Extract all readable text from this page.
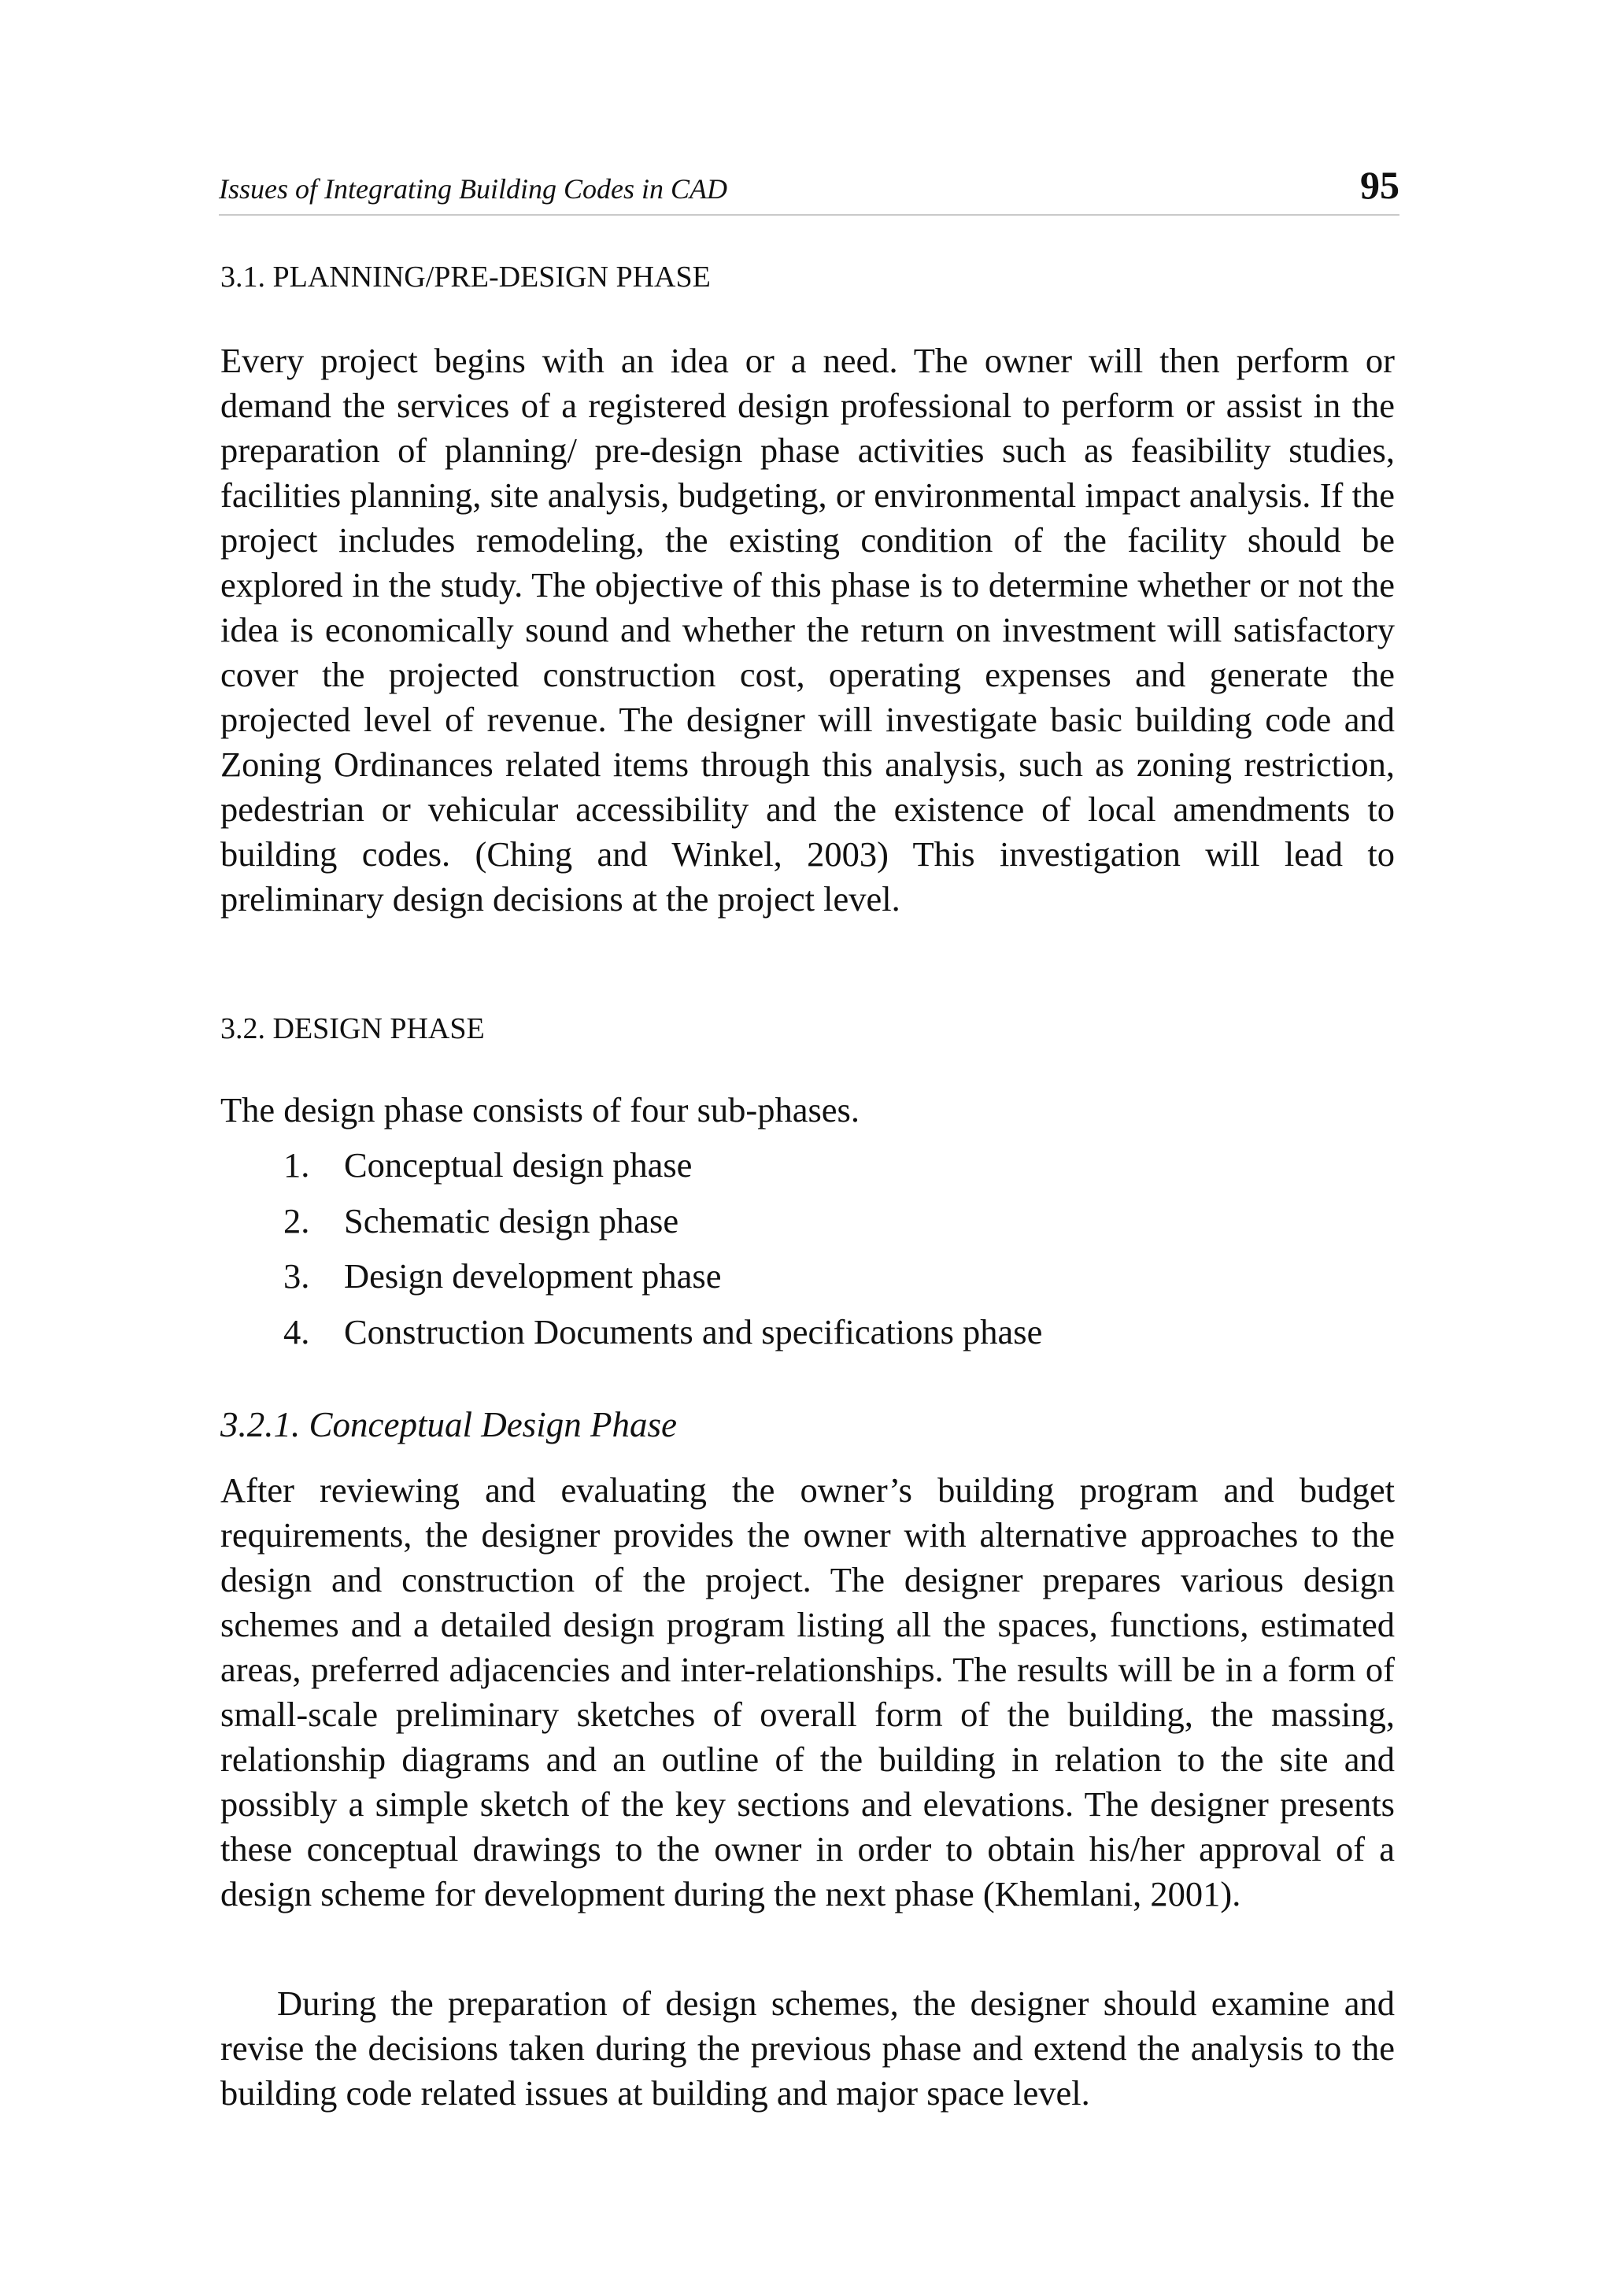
Issues of Integrating Building Codes in CAD	95
3.1. PLANNING/PRE-DESIGN PHASE

Every project begins with an idea or a need. The owner will then perform or demand the services of a registered design professional to perform or assist in the preparation of planning/ pre-design phase activities such as feasibility studies, facilities planning, site analysis, budgeting, or environmental impact analysis. If the project includes remodeling, the existing condition of the facility should be explored in the study. The objective of this phase is to determine whether or not the idea is economically sound and whether the return on investment will satisfactory cover the projected construction cost, operating expenses and generate the projected level of revenue. The designer will investigate basic building code and Zoning Ordinances related items through this analysis, such as zoning restriction, pedestrian or vehicular accessibility and the existence of local amendments to building codes. (Ching and Winkel, 2003) This investigation will lead to preliminary design decisions at the project level.

3.2. DESIGN PHASE

The design phase consists of four sub-phases.

1. Conceptual design phase
2. Schematic design phase
3. Design development phase
4. Construction Documents and specifications phase
3.2.1. Conceptual Design Phase

After reviewing and evaluating the owner’s building program and budget requirements, the designer provides the owner with alternative approaches to the design and construction of the project. The designer prepares various design schemes and a detailed design program listing all the spaces, functions, estimated areas, preferred adjacencies and inter-relationships. The results will be in a form of small-scale preliminary sketches of overall form of the building, the massing, relationship diagrams and an outline of the building in relation to the site and possibly a simple sketch of the key sections and elevations. The designer presents these conceptual drawings to the owner in order to obtain his/her approval of a design scheme for development during the next phase (Khemlani, 2001).

During the preparation of design schemes, the designer should examine and revise the decisions taken during the previous phase and extend the analysis to the building code related issues at building and major space level.
